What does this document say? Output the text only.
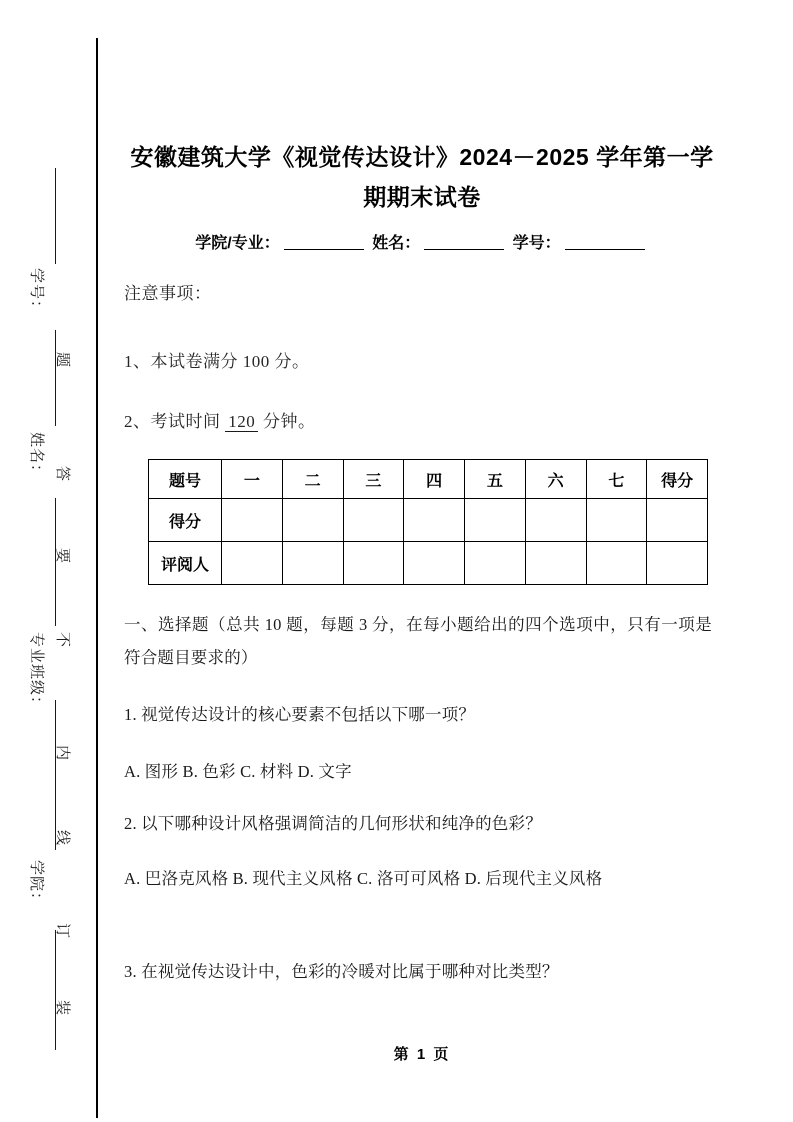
学号：
姓名：
专业班级：
学院：
题
答
要
不
内
线
订
装
安徽建筑大学《视觉传达设计》2024－2025 学年第一学期期末试卷
学院/专业：	姓名：	学号：
注意事项：
1、本试卷满分 100 分。
2、考试时间 120 分钟。
题号	一	二	三	四	五	六	七	得分
得分								
评阅人								
一、选择题（总共 10 题，每题 3 分，在每小题给出的四个选项中，只有一项是符合题目要求的）
1. 视觉传达设计的核心要素不包括以下哪一项？
A. 图形 B. 色彩 C. 材料 D. 文字
2. 以下哪种设计风格强调简洁的几何形状和纯净的色彩？
A. 巴洛克风格 B. 现代主义风格 C. 洛可可风格 D. 后现代主义风格
3. 在视觉传达设计中，色彩的冷暖对比属于哪种对比类型？
第 1 页
